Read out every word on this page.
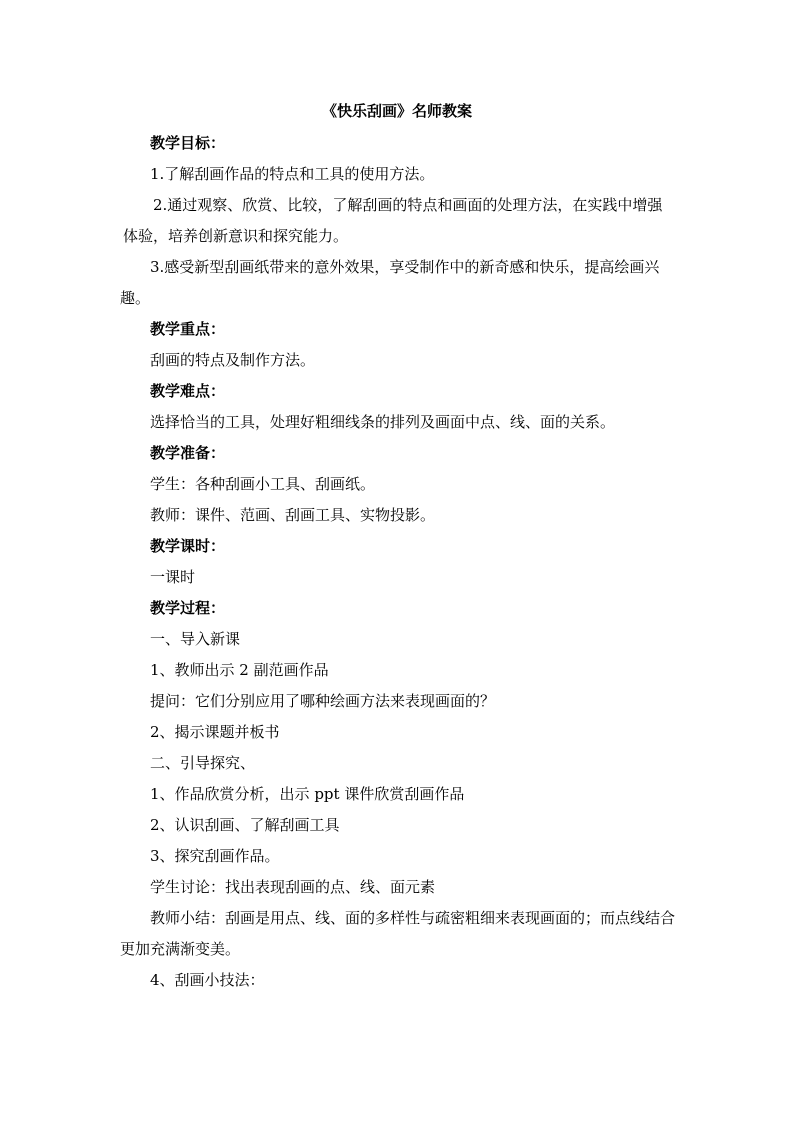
《快乐刮画》名师教案
教学目标：
1.了解刮画作品的特点和工具的使用方法。
2.通过观察、欣赏、比较，了解刮画的特点和画面的处理方法，在实践中增强体验，培养创新意识和探究能力。
3.感受新型刮画纸带来的意外效果，享受制作中的新奇感和快乐，提高绘画兴趣。
教学重点：
刮画的特点及制作方法。
教学难点：
选择恰当的工具，处理好粗细线条的排列及画面中点、线、面的关系。
教学准备：
学生：各种刮画小工具、刮画纸。
教师：课件、范画、刮画工具、实物投影。
教学课时：
一课时
教学过程：
一、导入新课
1、教师出示 2 副范画作品
提问：它们分别应用了哪种绘画方法来表现画面的？
2、揭示课题并板书
二、引导探究、
1、作品欣赏分析，出示 ppt 课件欣赏刮画作品
2、认识刮画、了解刮画工具
3、探究刮画作品。
学生讨论：找出表现刮画的点、线、面元素
教师小结：刮画是用点、线、面的多样性与疏密粗细来表现画面的；而点线结合更加充满渐变美。
4、刮画小技法：
